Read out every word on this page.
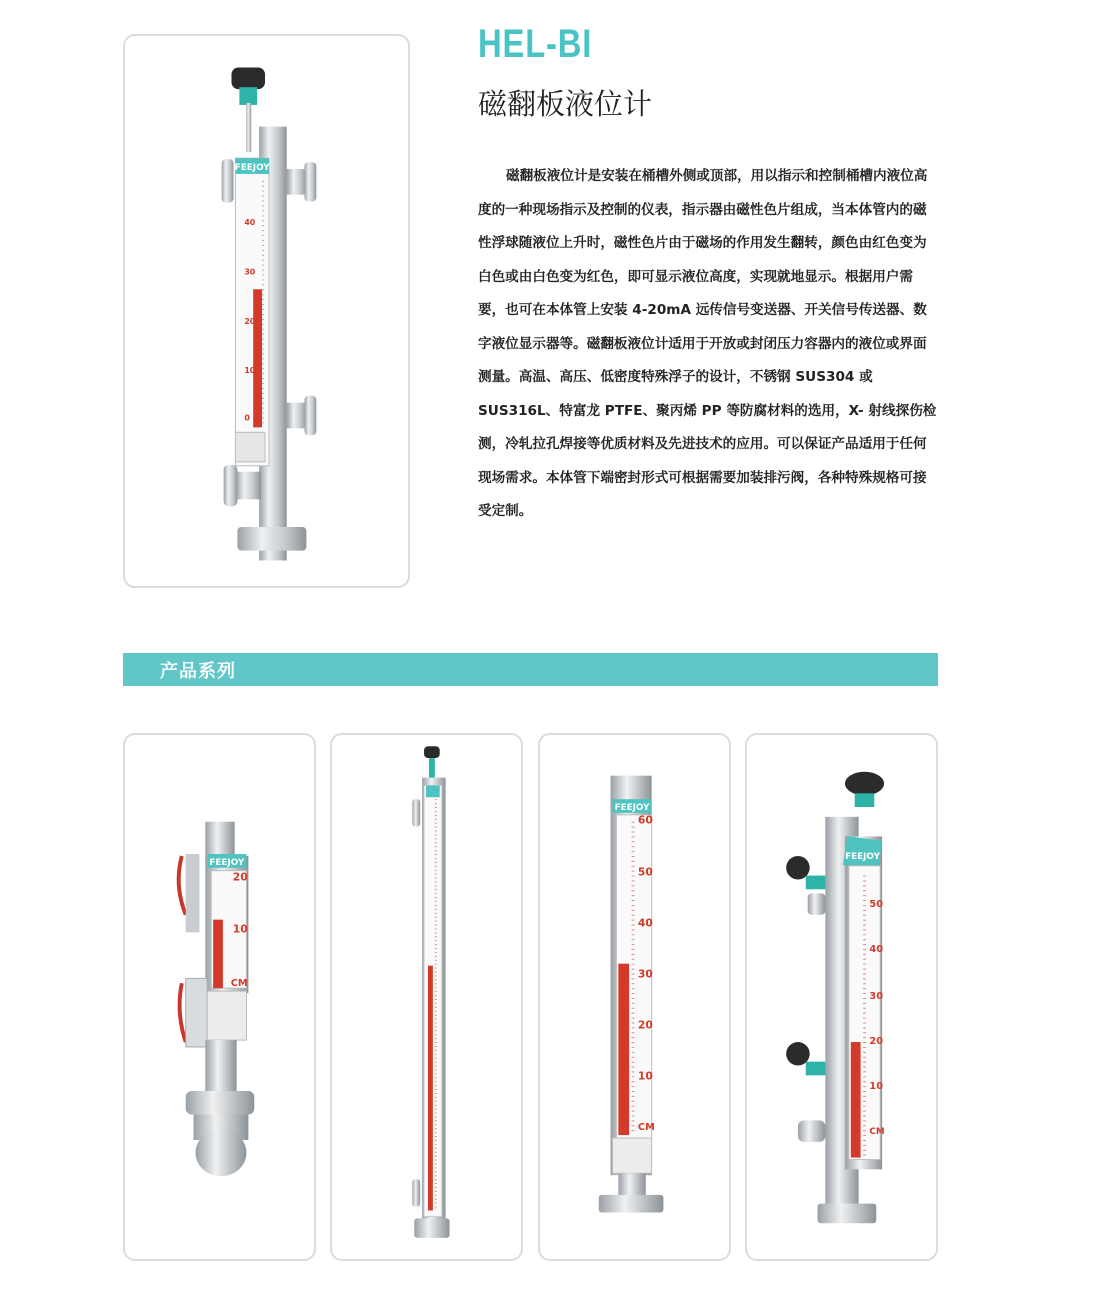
FEEJOY
40
30
20
10
0
HEL-BI
磁翻板液位计

磁翻板液位计是安装在桶槽外侧或顶部，用以指示和控制桶槽内液位高度的一种现场指示及控制的仪表，指示器由磁性色片组成，当本体管内的磁性浮球随液位上升时，磁性色片由于磁场的作用发生翻转，颜色由红色变为白色或由白色变为红色，即可显示液位高度，实现就地显示。根据用户需要，也可在本体管上安装 4-20mA 远传信号变送器、开关信号传送器、数字液位显示器等。磁翻板液位计适用于开放或封闭压力容器内的液位或界面测量。高温、高压、低密度特殊浮子的设计，不锈钢 SUS304 或 SUS316L、特富龙 PTFE、聚丙烯 PP 等防腐材料的选用，X- 射线探伤检测，冷轧拉孔焊接等优质材料及先进技术的应用。可以保证产品适用于任何现场需求。本体管下端密封形式可根据需要加装排污阀，各种特殊规格可接受定制。

产品系列
FEEJOY
20
10
CM
FEEJOY
60
50
40
30
20
10
CM
FEEJOY
50
40
30
20
10
CM
